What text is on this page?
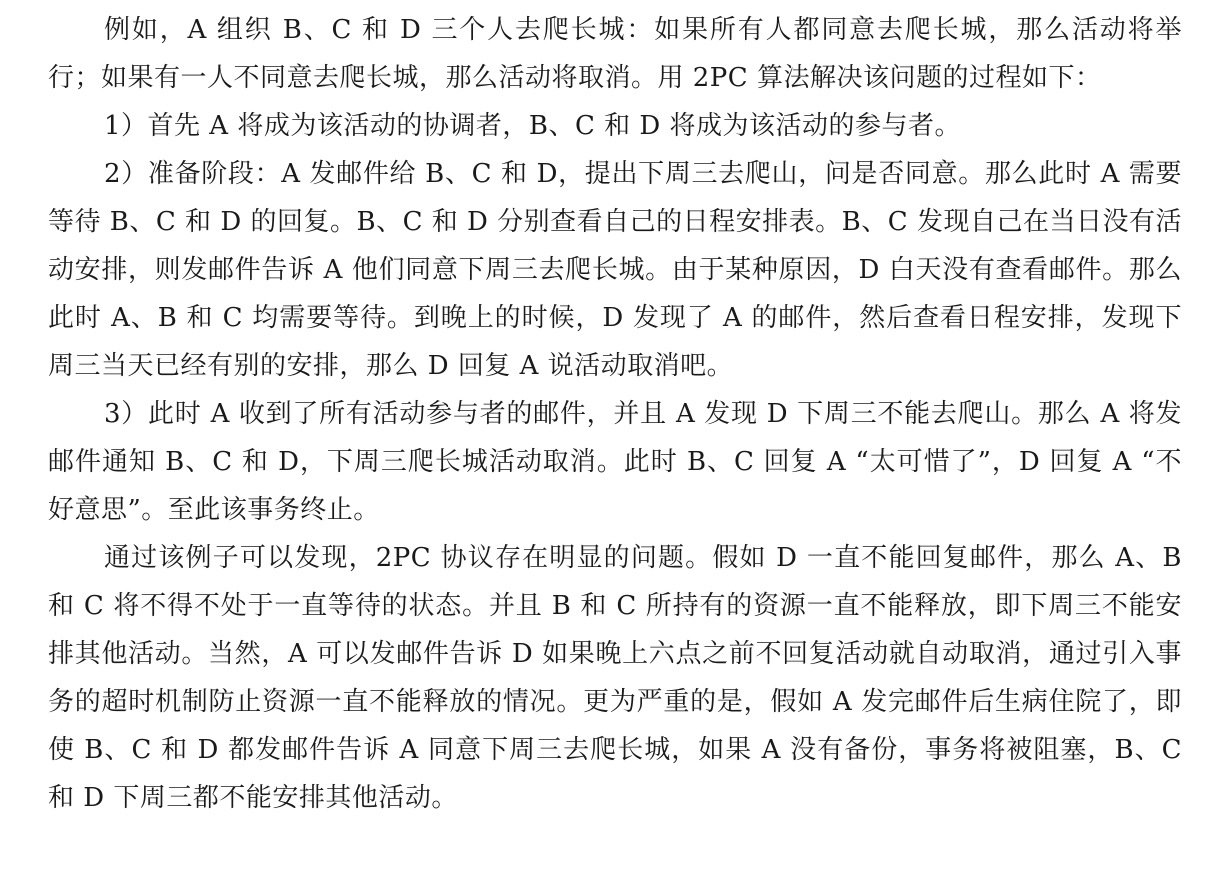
例如，A 组织 B、C 和 D 三个人去爬长城：如果所有人都同意去爬长城，那么活动将举行；如果有一人不同意去爬长城，那么活动将取消。用 2PC 算法解决该问题的过程如下：

1）首先 A 将成为该活动的协调者，B、C 和 D 将成为该活动的参与者。

2）准备阶段：A 发邮件给 B、C 和 D，提出下周三去爬山，问是否同意。那么此时 A 需要等待 B、C 和 D 的回复。B、C 和 D 分别查看自己的日程安排表。B、C 发现自己在当日没有活动安排，则发邮件告诉 A 他们同意下周三去爬长城。由于某种原因，D 白天没有查看邮件。那么此时 A、B 和 C 均需要等待。到晚上的时候，D 发现了 A 的邮件，然后查看日程安排，发现下周三当天已经有别的安排，那么 D 回复 A 说活动取消吧。

3）此时 A 收到了所有活动参与者的邮件，并且 A 发现 D 下周三不能去爬山。那么 A 将发邮件通知 B、C 和 D，下周三爬长城活动取消。此时 B、C 回复 A “太可惜了”，D 回复 A “不好意思”。至此该事务终止。

通过该例子可以发现，2PC 协议存在明显的问题。假如 D 一直不能回复邮件，那么 A、B 和 C 将不得不处于一直等待的状态。并且 B 和 C 所持有的资源一直不能释放，即下周三不能安排其他活动。当然，A 可以发邮件告诉 D 如果晚上六点之前不回复活动就自动取消，通过引入事务的超时机制防止资源一直不能释放的情况。更为严重的是，假如 A 发完邮件后生病住院了，即使 B、C 和 D 都发邮件告诉 A 同意下周三去爬长城，如果 A 没有备份，事务将被阻塞，B、C 和 D 下周三都不能安排其他活动。
